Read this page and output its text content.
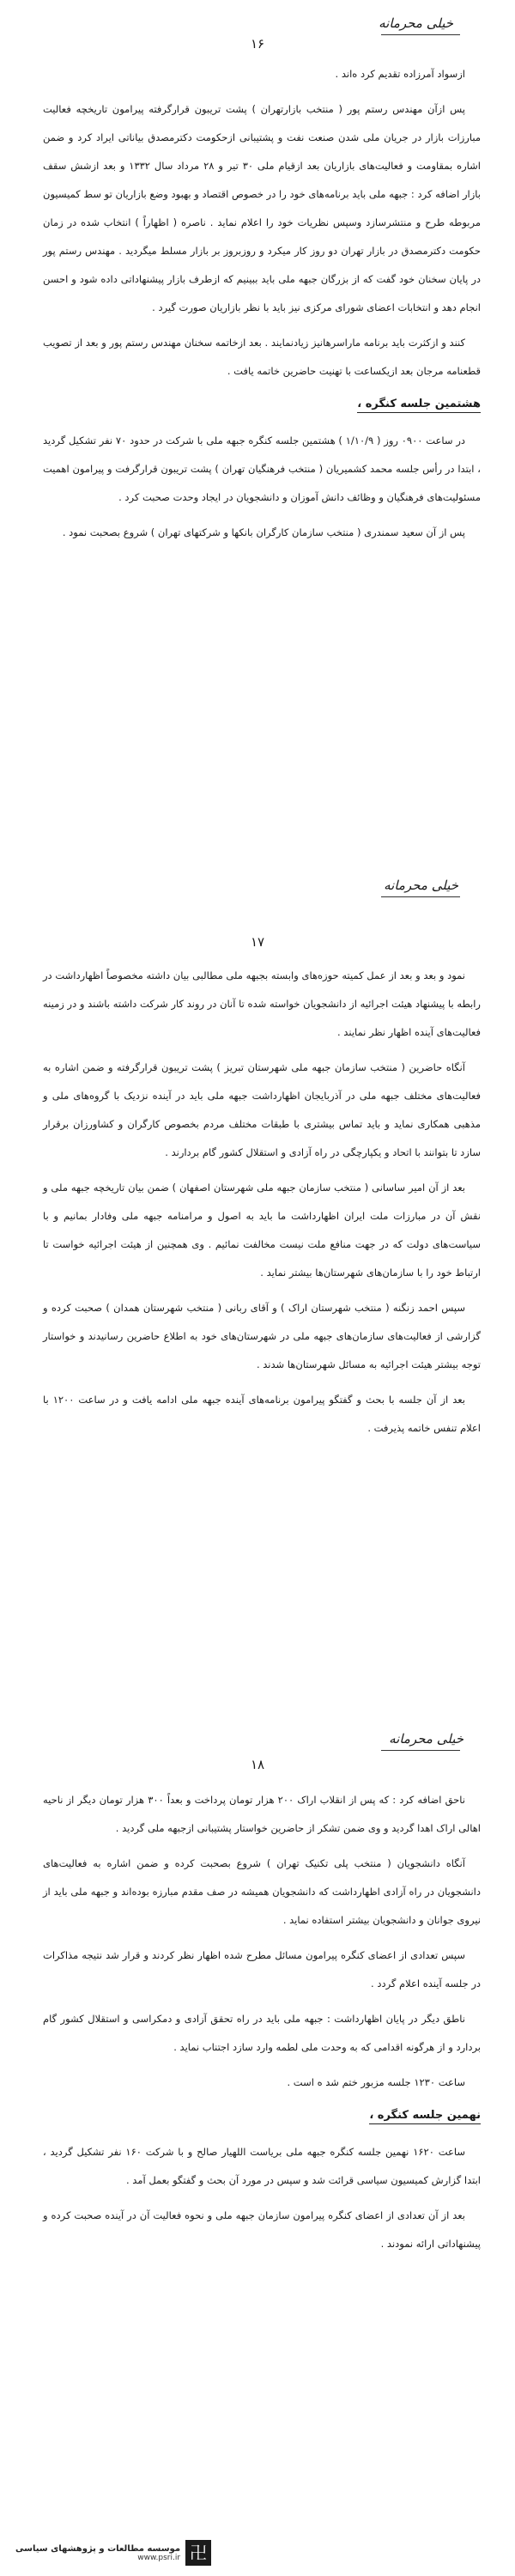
خیلی محرمانه
۱۶

ازسواد آمرزاده تقدیم کرد ه‌اند .

پس ازآن مهندس رستم پور ( منتخب بازارتهران ) پشت تریبون قرارگرفته پیرامون تاریخچه فعالیت مبارزات بازار در جریان ملی شدن صنعت نفت و پشتیبانی ازحکومت دکترمصدق بیاناتی ایراد کرد و ضمن اشاره بمقاومت و فعالیت‌های بازاریان بعد ازقیام ملی ۳۰ تیر و ۲۸ مرداد سال ۱۳۳۲ و بعد ازشش سقف بازار اضافه کرد : جبهه ملی باید برنامه‌های خود را در خصوص اقتصاد و بهبود وضع بازاریان تو سط کمیسیون مربوطه طرح و منتشرسازد وسپس نظریات خود را اعلام نماید . ناصره ( اظهاراً ) انتخاب شده در زمان حکومت دکترمصدق در بازار تهران دو روز کار میکرد و روزبروز بر بازار مسلط میگردید . مهندس رستم پور در پایان سخنان خود گفت که از بزرگان جبهه ملی باید ببینیم که ازطرف بازار پیشنهاداتی داده شود و احسن انجام دهد و انتخابات اعضای شورای مرکزی نیز باید با نظر بازاریان صورت گیرد .

کنند و ازکثرت باید برنامه ماراسرها‌نیز زیادنمایند . بعد ازخاتمه سخنان مهندس رستم پور و بعد از تصویب قطعنامه مرجان بعد ازیکساعت با تهنیت حاضرین خاتمه یافت .

هشتمین جلسه کنگره ،

در ساعت ۰۹۰۰ روز ( ۱/۱۰/۹ ) هشتمین جلسه کنگره جبهه ملی با شرکت در حدود ۷۰ نفر تشکیل گردید ، ابتدا در رأس جلسه محمد کشمیریان ( منتخب فرهنگیان تهران ) پشت تریبون قرارگرفت و پیرامون اهمیت مسئولیت‌های فرهنگیان و وظائف دانش آموزان و دانشجویان در ایجاد وحدت صحبت کرد .

پس از آن سعید سمندری ( منتخب سازمان کارگران بانکها و شرکتهای تهران ) شروع بصحبت نمود .

خیلی محرمانه
۱۷

نمود و بعد و بعد از عمل کمیته حوزه‌های وابسته بجبهه ملی مطالبی بیان داشته مخصوصاً اظهارداشت در رابطه با پیشنهاد هیئت اجرائیه از دانشجویان خواسته شده تا آنان در روند کار شرکت داشته باشند و در زمینه فعالیت‌های آینده اظهار نظر نمایند .

آنگاه حاضرین ( منتخب سازمان جبهه ملی شهرستان تبریز ) پشت تریبون قرارگرفته و ضمن اشاره به فعالیت‌های مختلف جبهه ملی در آذربایجان اظهارداشت جبهه ملی باید در آینده نزدیک با گروه‌های ملی و مذهبی همکاری نماید و باید تماس بیشتری با طبقات مختلف مردم بخصوص کارگران و کشاورزان برقرار سازد تا بتوانند با اتحاد و یکپارچگی در راه آزادی و استقلال کشور گام بردارند .

بعد از آن امیر ساسانی ( منتخب سازمان جبهه ملی شهرستان اصفهان ) ضمن بیان تاریخچه جبهه ملی و نقش آن در مبارزات ملت ایران اظهارداشت ما باید به اصول و مرامنامه جبهه ملی وفادار بمانیم و با سیاست‌های دولت که در جهت منافع ملت نیست مخالفت نمائیم . وی همچنین از هیئت اجرائیه خواست تا ارتباط خود را با سازمان‌های شهرستان‌ها بیشتر نماید .

سپس احمد زنگنه ( منتخب شهرستان اراک ) و آقای ربانی ( منتخب شهرستان همدان ) صحبت کرده و گزارشی از فعالیت‌های سازمان‌های جبهه ملی در شهرستان‌های خود به اطلاع حاضرین رسانیدند و خواستار توجه بیشتر هیئت اجرائیه به مسائل شهرستان‌ها شدند .

بعد از آن جلسه با بحث و گفتگو پیرامون برنامه‌های آینده جبهه ملی ادامه یافت و در ساعت ۱۲۰۰ با اعلام تنفس خاتمه پذیرفت .

خیلی محرمانه
۱۸

ناحق اضافه کرد : که پس از انقلاب اراک ۲۰۰ هزار تومان پرداخت و بعداً ۳۰۰ هزار تومان دیگر از ناحیه اهالی اراک اهدا گردید و وی ضمن تشکر از حاضرین خواستار پشتیبانی ازجبهه ملی گردید .

آنگاه دانشجویان ( منتخب پلی تکنیک تهران ) شروع بصحبت کرده و ضمن اشاره به فعالیت‌های دانشجویان در راه آزادی اظهارداشت که دانشجویان همیشه در صف مقدم مبارزه بوده‌اند و جبهه ملی باید از نیروی جوانان و دانشجویان بیشتر استفاده نماید .

سپس تعدادی از اعضای کنگره پیرامون مسائل مطرح شده اظهار نظر کردند و قرار شد نتیجه مذاکرات در جلسه آینده اعلام گردد .

ناطق دیگر در پایان اظهارداشت : جبهه ملی باید در راه تحقق آزادی و دمکراسی و استقلال کشور گام بردارد و از هرگونه اقدامی که به وحدت ملی لطمه وارد سازد اجتناب نماید .

ساعت ۱۲۳۰ جلسه مزبور ختم شد ه است .

نهمین جلسه کنگره ،

ساعت ۱۶۲۰ نهمین جلسه کنگره جبهه ملی بریاست اللهیار صالح و با شرکت ۱۶۰ نفر تشکیل گردید ، ابتدا گزارش کمیسیون سیاسی قرائت شد و سپس در مورد آن بحث و گفتگو بعمل آمد .

بعد از آن تعدادی از اعضای کنگره پیرامون سازمان جبهه ملی و نحوه فعالیت آن در آینده صحبت کرده و پیشنهاداتی ارائه نمودند .

卍
موسسه مطالعات و پژوهشهای سیاسی
www.psri.ir
